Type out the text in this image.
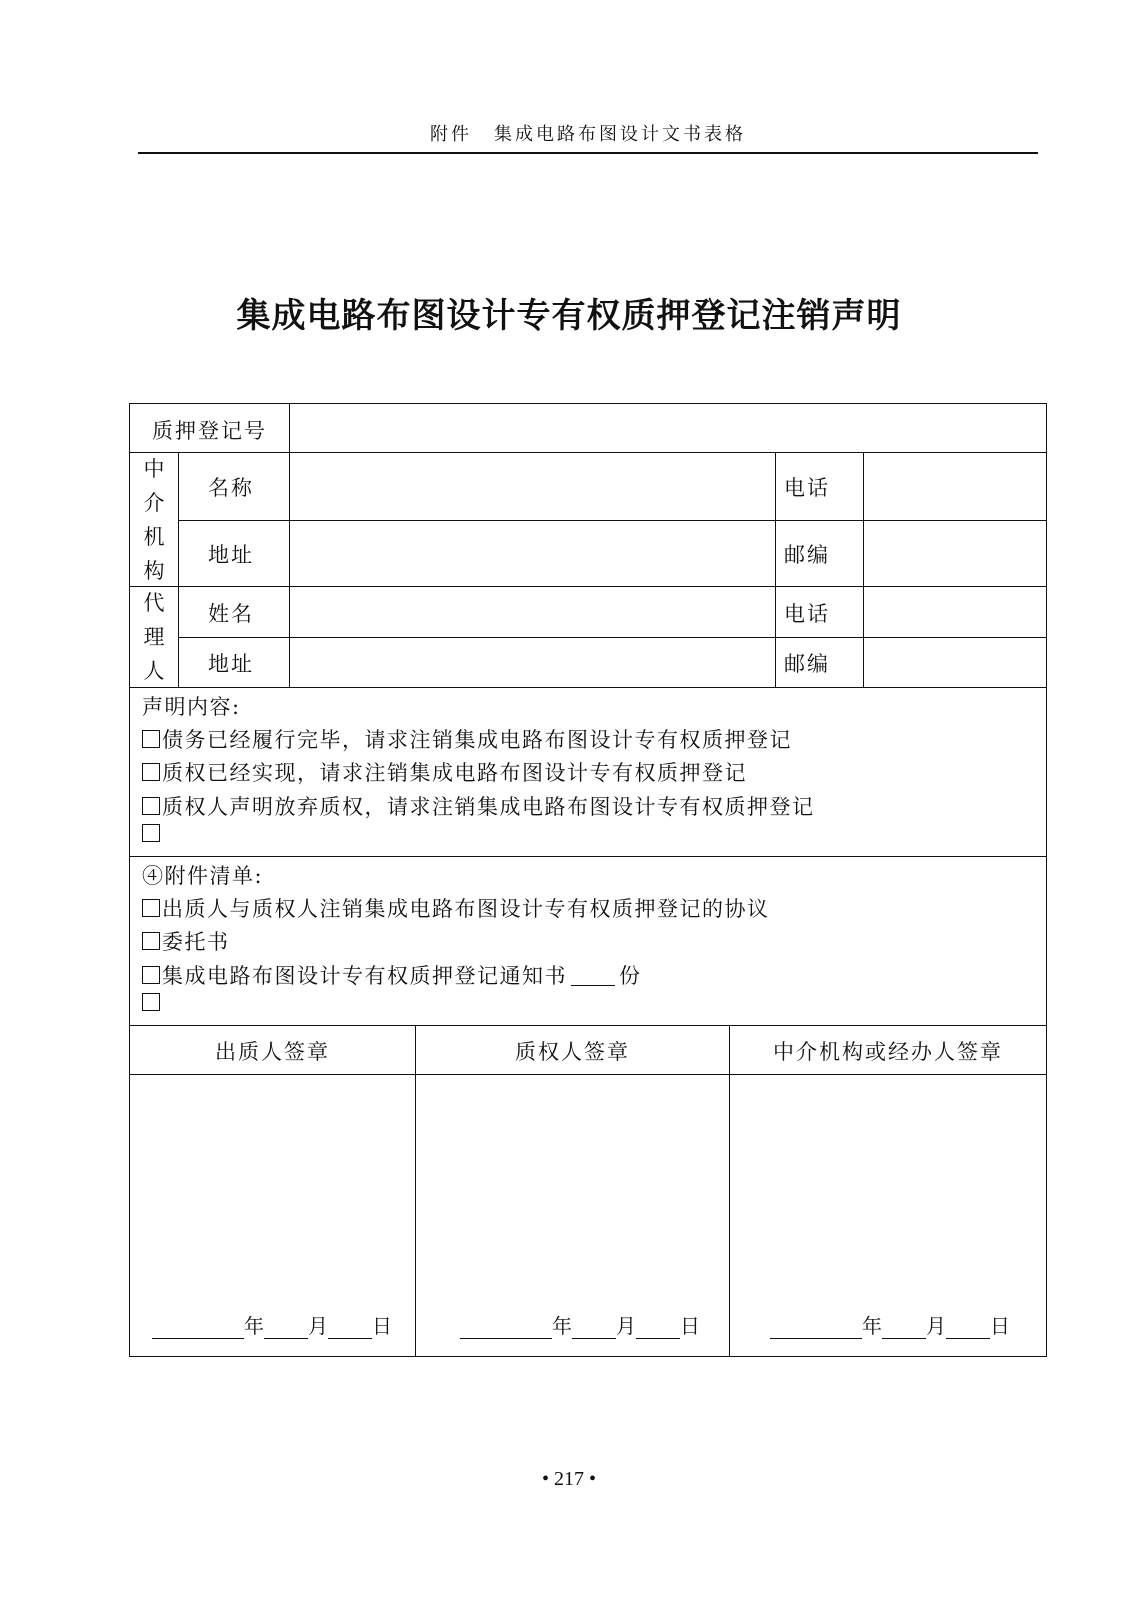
附件 集成电路布图设计文书表格
集成电路布图设计专有权质押登记注销声明
质押登记号
中
介
机
构
名称	电话
地址	邮编
代
理
人
姓名	电话
地址	邮编
声明内容:
债务已经履行完毕，请求注销集成电路布图设计专有权质押登记
质权已经实现，请求注销集成电路布图设计专有权质押登记
质权人声明放弃质权，请求注销集成电路布图设计专有权质押登记
④附件清单:
出质人与质权人注销集成电路布图设计专有权质押登记的协议
委托书
集成电路布图设计专有权质押登记通知书 份
出质人签章	质权人签章	中介机构或经办人签章
年 月 日	年 月 日	年 月 日
• 217 •
